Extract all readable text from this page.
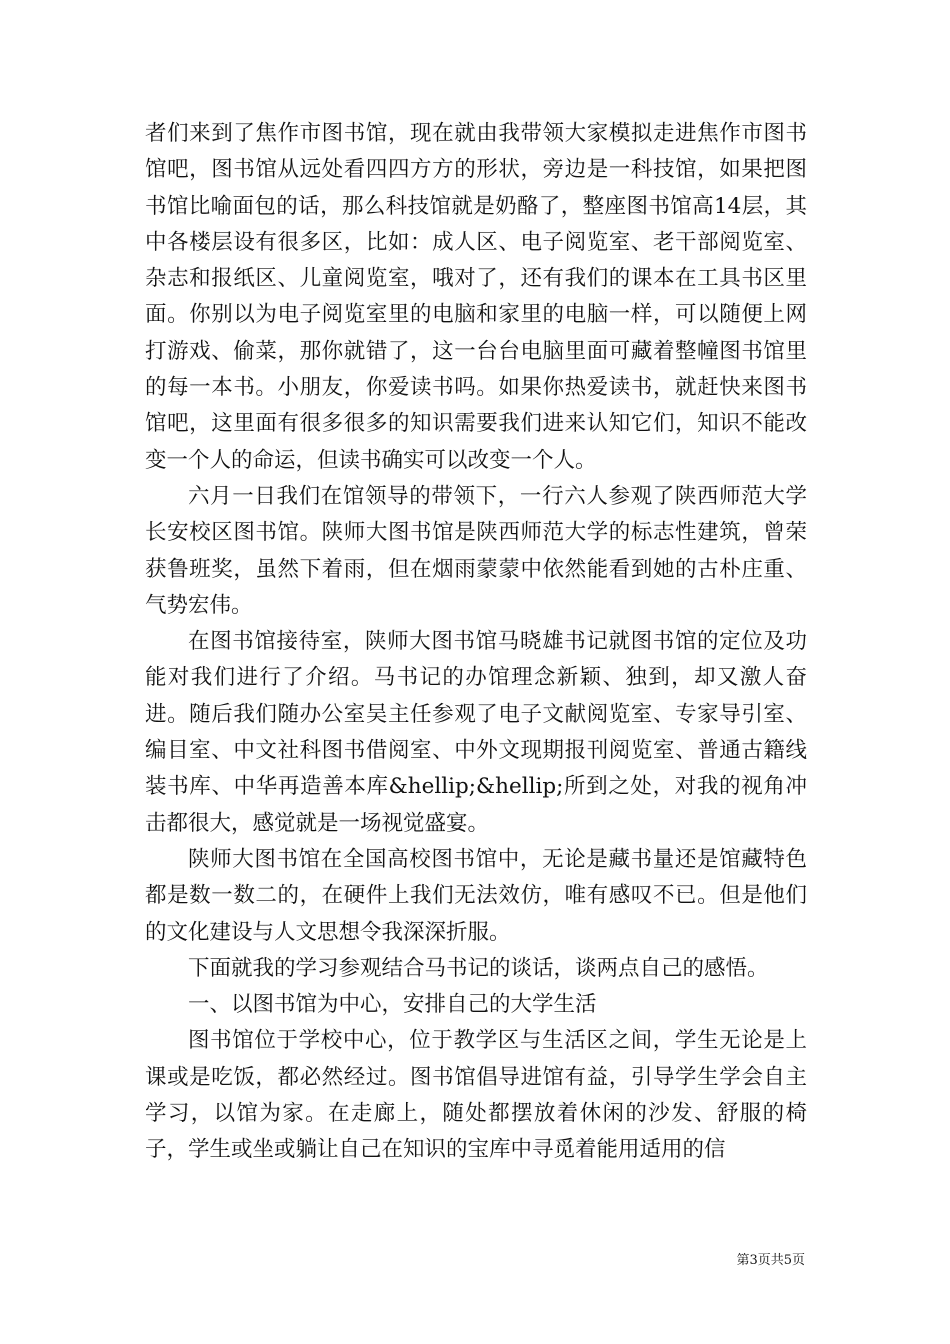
者们来到了焦作市图书馆，现在就由我带领大家模拟走进焦作市图书馆吧，图书馆从远处看四四方方的形状，旁边是一科技馆，如果把图书馆比喻面包的话，那么科技馆就是奶酪了，整座图书馆高14层，其中各楼层设有很多区，比如：成人区、电子阅览室、老干部阅览室、杂志和报纸区、儿童阅览室，哦对了，还有我们的课本在工具书区里面。你别以为电子阅览室里的电脑和家里的电脑一样，可以随便上网打游戏、偷菜，那你就错了，这一台台电脑里面可藏着整幢图书馆里的每一本书。小朋友，你爱读书吗。如果你热爱读书，就赶快来图书馆吧，这里面有很多很多的知识需要我们进来认知它们，知识不能改变一个人的命运，但读书确实可以改变一个人。

六月一日我们在馆领导的带领下，一行六人参观了陕西师范大学长安校区图书馆。陕师大图书馆是陕西师范大学的标志性建筑，曾荣获鲁班奖，虽然下着雨，但在烟雨蒙蒙中依然能看到她的古朴庄重、气势宏伟。

在图书馆接待室，陕师大图书馆马晓雄书记就图书馆的定位及功能对我们进行了介绍。马书记的办馆理念新颖、独到，却又激人奋进。随后我们随办公室吴主任参观了电子文献阅览室、专家导引室、编目室、中文社科图书借阅室、中外文现期报刊阅览室、普通古籍线装书库、中华再造善本库&hellip;&hellip;所到之处，对我的视角冲击都很大，感觉就是一场视觉盛宴。

陕师大图书馆在全国高校图书馆中，无论是藏书量还是馆藏特色都是数一数二的，在硬件上我们无法效仿，唯有感叹不已。但是他们的文化建设与人文思想令我深深折服。

下面就我的学习参观结合马书记的谈话，谈两点自己的感悟。

一、以图书馆为中心，安排自己的大学生活

图书馆位于学校中心，位于教学区与生活区之间，学生无论是上课或是吃饭，都必然经过。图书馆倡导进馆有益，引导学生学会自主学习，以馆为家。在走廊上，随处都摆放着休闲的沙发、舒服的椅子，学生或坐或躺让自己在知识的宝库中寻觅着能用适用的信

第3页共5页
